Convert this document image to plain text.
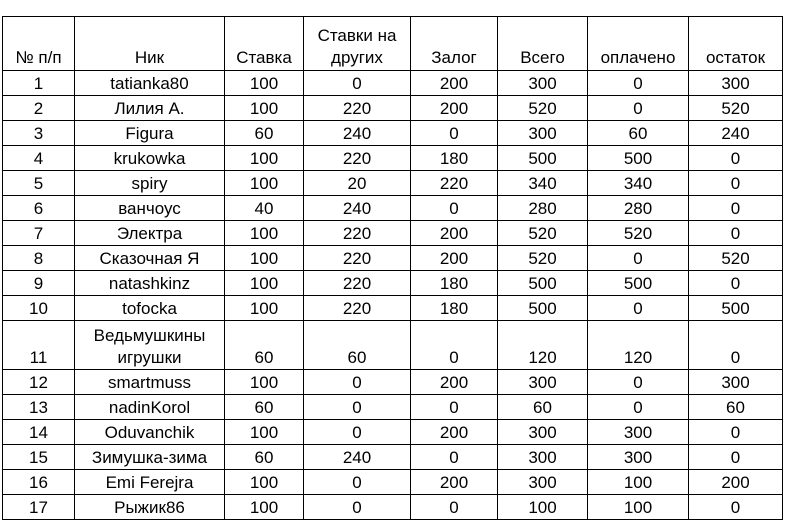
№ п/п	Ник	Ставка	Ставки на других	Залог	Всего	оплачено	остаток
1	tatianka80	100	0	200	300	0	300
2	Лилия А.	100	220	200	520	0	520
3	Figura	60	240	0	300	60	240
4	krukowka	100	220	180	500	500	0
5	spiry	100	20	220	340	340	0
6	ванчоус	40	240	0	280	280	0
7	Электра	100	220	200	520	520	0
8	Сказочная Я	100	220	200	520	0	520
9	natashkinz	100	220	180	500	500	0
10	tofocka	100	220	180	500	0	500
11	Ведьмушкины игрушки	60	60	0	120	120	0
12	smartmuss	100	0	200	300	0	300
13	nadinKorol	60	0	0	60	0	60
14	Oduvanchik	100	0	200	300	300	0
15	Зимушка-зима	60	240	0	300	300	0
16	Emi Ferejra	100	0	200	300	100	200
17	Рыжик86	100	0	0	100	100	0
